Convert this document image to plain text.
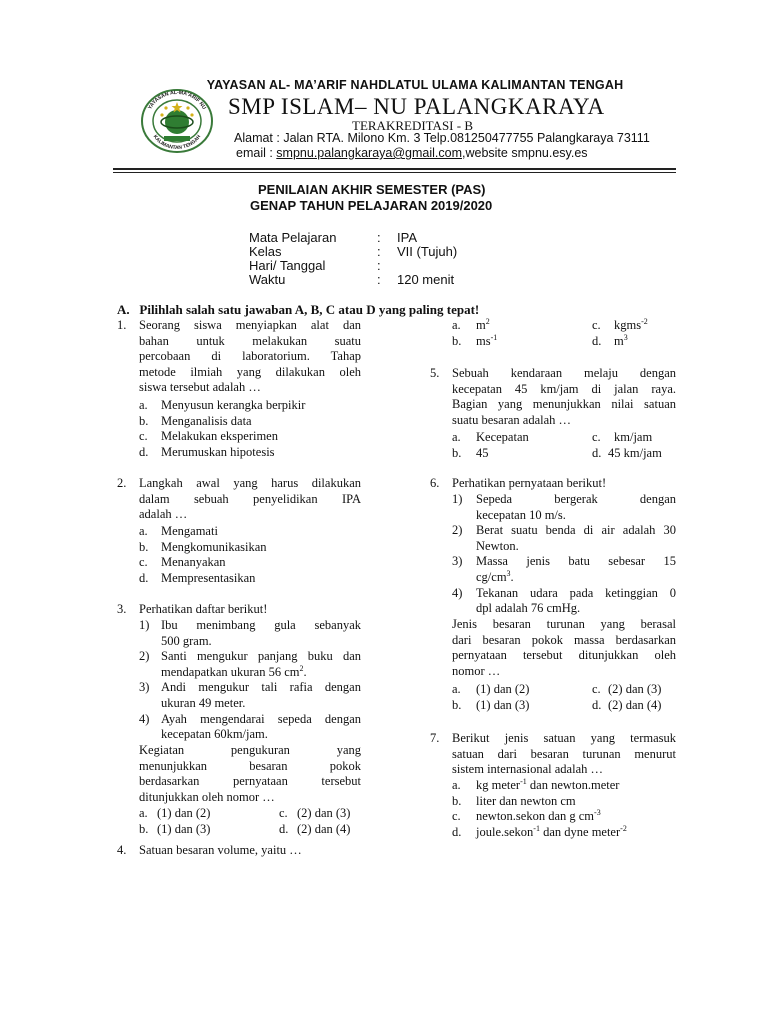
YAYASAN AL-MA'ARIF NU
KALIMANTAN TENGAH
YAYASAN AL- MA’ARIF NAHDLATUL ULAMA KALIMANTAN TENGAH
SMP ISLAM– NU PALANGKARAYA
TERAKREDITASI - B
Alamat : Jalan RTA. Milono Km. 3 Telp.081250477755 Palangkaraya 73111
email : smpnu.palangkaraya@gmail.com,website smpnu.esy.es
PENILAIAN AKHIR SEMESTER (PAS)
GENAP TAHUN PELAJARAN 2019/2020
Mata Pelajaran	:	IPA
Kelas	:	VII (Tujuh)
Hari/ Tanggal	:
Waktu	:	120 menit
A.   Pilihlah salah satu jawaban A, B, C atau D yang paling tepat!
1. Seorang siswa menyiapkan alat dan
bahan untuk melakukan suatu
percobaan di laboratorium. Tahap
metode ilmiah yang dilakukan oleh
siswa tersebut adalah …
a. Menyusun kerangka berpikir
b. Menganalisis data
c. Melakukan eksperimen
d. Merumuskan hipotesis
2. Langkah awal yang harus dilakukan
dalam sebuah penyelidikan IPA
adalah …
a. Mengamati
b. Mengkomunikasikan
c. Menanyakan
d. Mempresentasikan
3. Perhatikan daftar berikut!
1) Ibu menimbang gula sebanyak
500 gram.
2) Santi mengukur panjang buku dan
mendapatkan ukuran 56 $cm^2$.
3) Andi mengukur tali rafia dengan
ukuran 49 meter.
4) Ayah mengendarai sepeda dengan
kecepatan 60km/jam.
Kegiatan pengukuran yang
menunjukkan besaran pokok
berdasarkan pernyataan tersebut
ditunjukkan oleh nomor …
a. (1) dan (2)	c. (2) dan (3)
b. (1) dan (3)	d. (2) dan (4)
4. Satuan besaran volume, yaitu …
a. $m^2$	c. kgms$^{-2}$
b. $ms^{-1}$	d. $m^3$
5. Sebuah kendaraan melaju dengan
kecepatan 45 km/jam di jalan raya.
Bagian yang menunjukkan nilai satuan
suatu besaran adalah …
a. Kecepatan	c. km/jam
b. 45	d. 45 km/jam
6. Perhatikan pernyataan berikut!
1)	Sepeda bergerak dengan
kecepatan 10 m/s.
2)	Berat suatu benda di air adalah 30
Newton.
3)	Massa jenis batu sebesar 15
$cg/cm^3$.
4)	Tekanan udara pada ketinggian 0
dpl adalah 76 cmHg.
Jenis besaran turunan yang berasal
dari besaran pokok massa berdasarkan
pernyataan tersebut ditunjukkan oleh
nomor …
a. (1) dan (2)	c. (2) dan (3)
b. (1) dan (3)	d. (2) dan (4)
7. Berikut jenis satuan yang termasuk
satuan dari besaran turunan menurut
sistem internasional adalah …
a. kg meter$^{-1}$ dan newton.meter
b. liter dan newton cm
c. newton.sekon dan g $cm^{-3}$
d. joule.sekon$^{-1}$ dan dyne meter$^{-2}$
